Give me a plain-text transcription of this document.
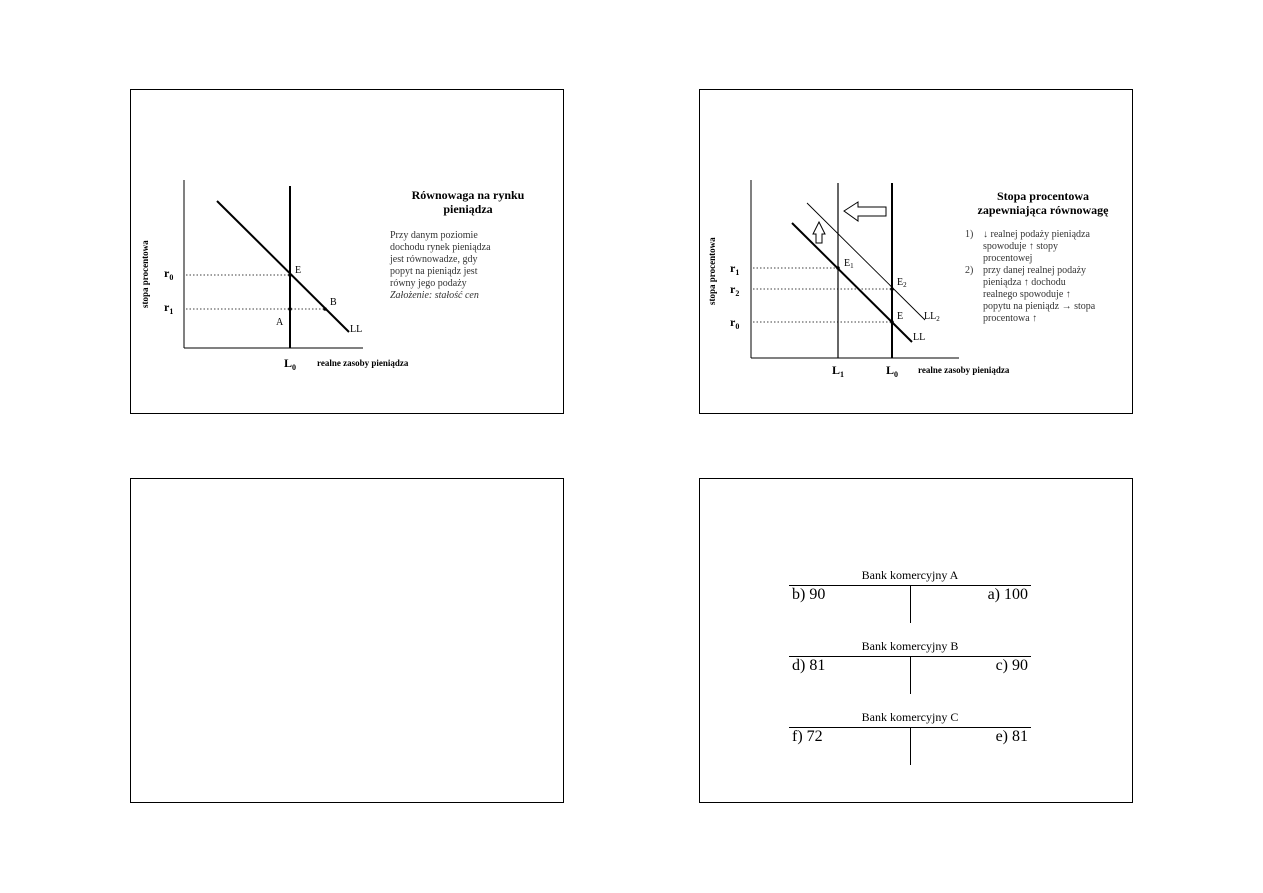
$r_0$
$r_1$
$L_0$
E
A
B
LL
realne zasoby pieniądza
stopa procentowa
Równowaga na rynku
pieniądza
Przy danym poziomie
dochodu rynek pieniądza
jest równowadze, gdy
popyt na pieniądz jest
równy jego podaży
Założenie: stałość cen
$r_1$
$r_2$
$r_0$
$L_1$	$L_0$
$E_1$
$E_2$
E $LL_2$
LL
realne zasoby pieniądza
stopa procentowa
Stopa procentowa
zapewniająca równowagę
1) ↓ realnej podaży pieniądza
spowoduje ↑ stopy
procentowej
2) przy danej realnej podaży
pieniądza ↑ dochodu
realnego spowoduje ↑
popytu na pieniądz → stopa
procentowa ↑
Bank komercyjny A
b) 90	a) 100
Bank komercyjny B
d) 81	c) 90
Bank komercyjny C
f) 72	e) 81
